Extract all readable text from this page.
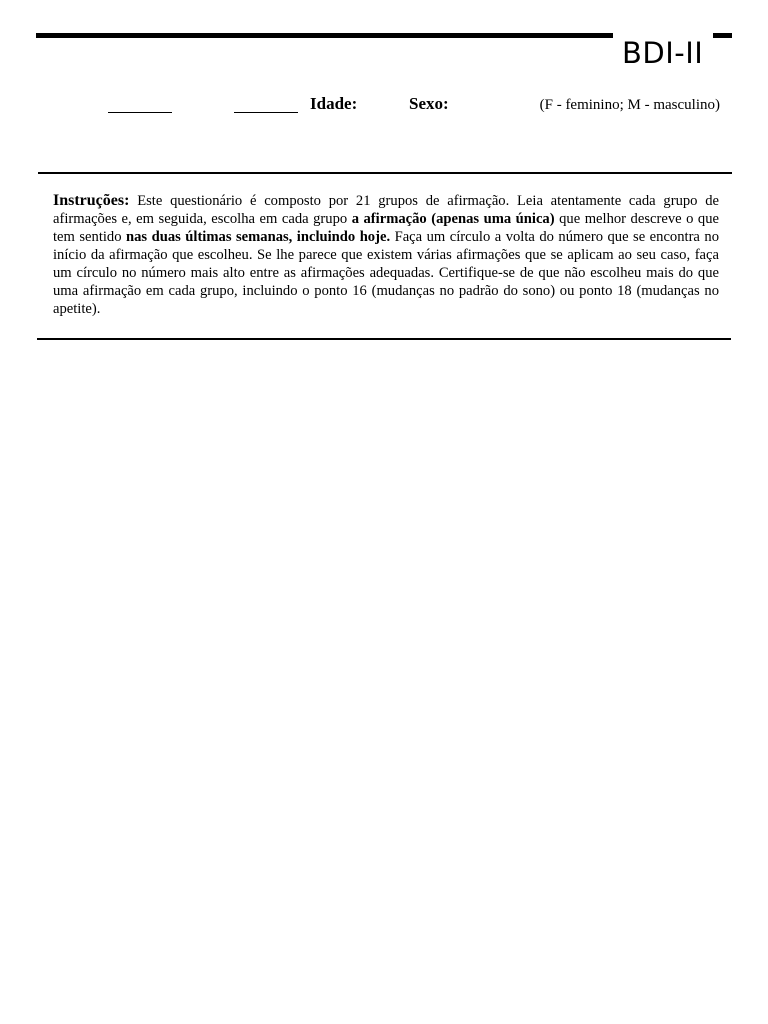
BDI-II
Idade:	Sexo:	(F - feminino; M - masculino)

Instruções: Este questionário é composto por 21 grupos de afirmação. Leia atentamente cada grupo de afirmações e, em seguida, escolha em cada grupo a afirmação (apenas uma única) que melhor descreve o que tem sentido nas duas últimas semanas, incluindo hoje. Faça um círculo a volta do número que se encontra no início da afirmação que escolheu. Se lhe parece que existem várias afirmações que se aplicam ao seu caso, faça um círculo no número mais alto entre as afirmações adequadas. Certifique-se de que não escolheu mais do que uma afirmação em cada grupo, incluindo o ponto 16 (mudanças no padrão do sono) ou ponto 18 (mudanças no apetite).
